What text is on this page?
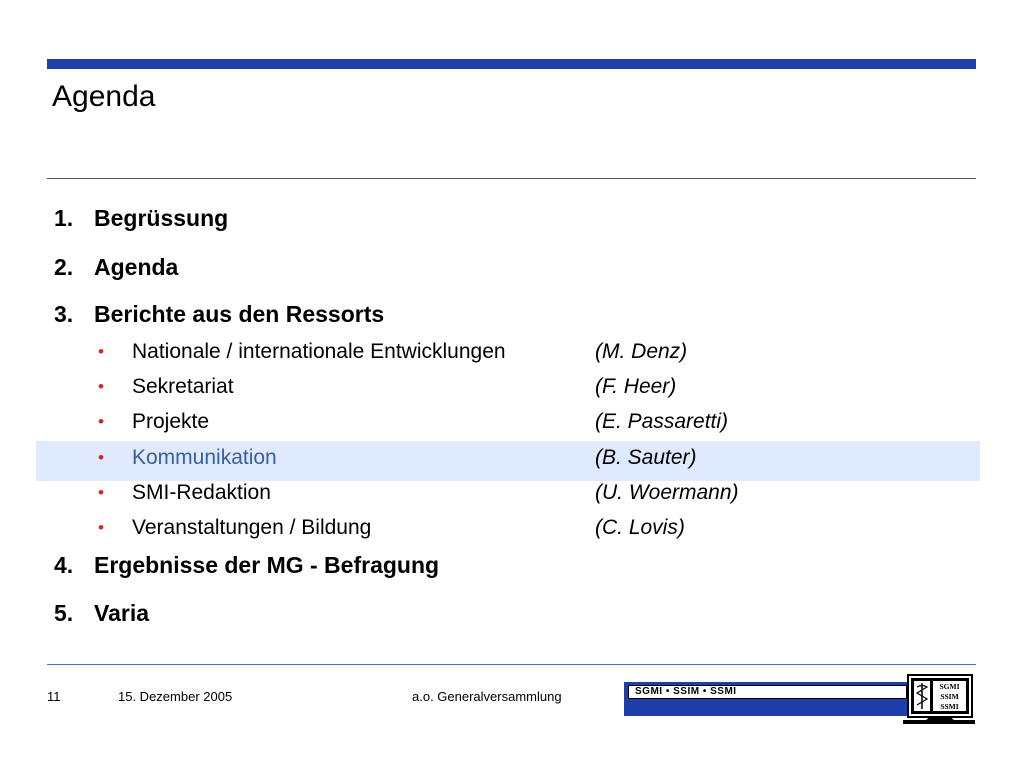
Agenda
1. Begrüssung
2. Agenda
3. Berichte aus den Ressorts
• Nationale / internationale Entwicklungen	(M. Denz)
• Sekretariat	(F. Heer)
• Projekte	(E. Passaretti)
• Kommunikation	(B. Sauter)
• SMI-Redaktion	(U. Woermann)
• Veranstaltungen / Bildung	(C. Lovis)
4. Ergebnisse der MG - Befragung
5. Varia
11	15. Dezember 2005	a.o. Generalversammlung	SGMI • SSIM • SSMI	SGMI
SSIM
SSMI
